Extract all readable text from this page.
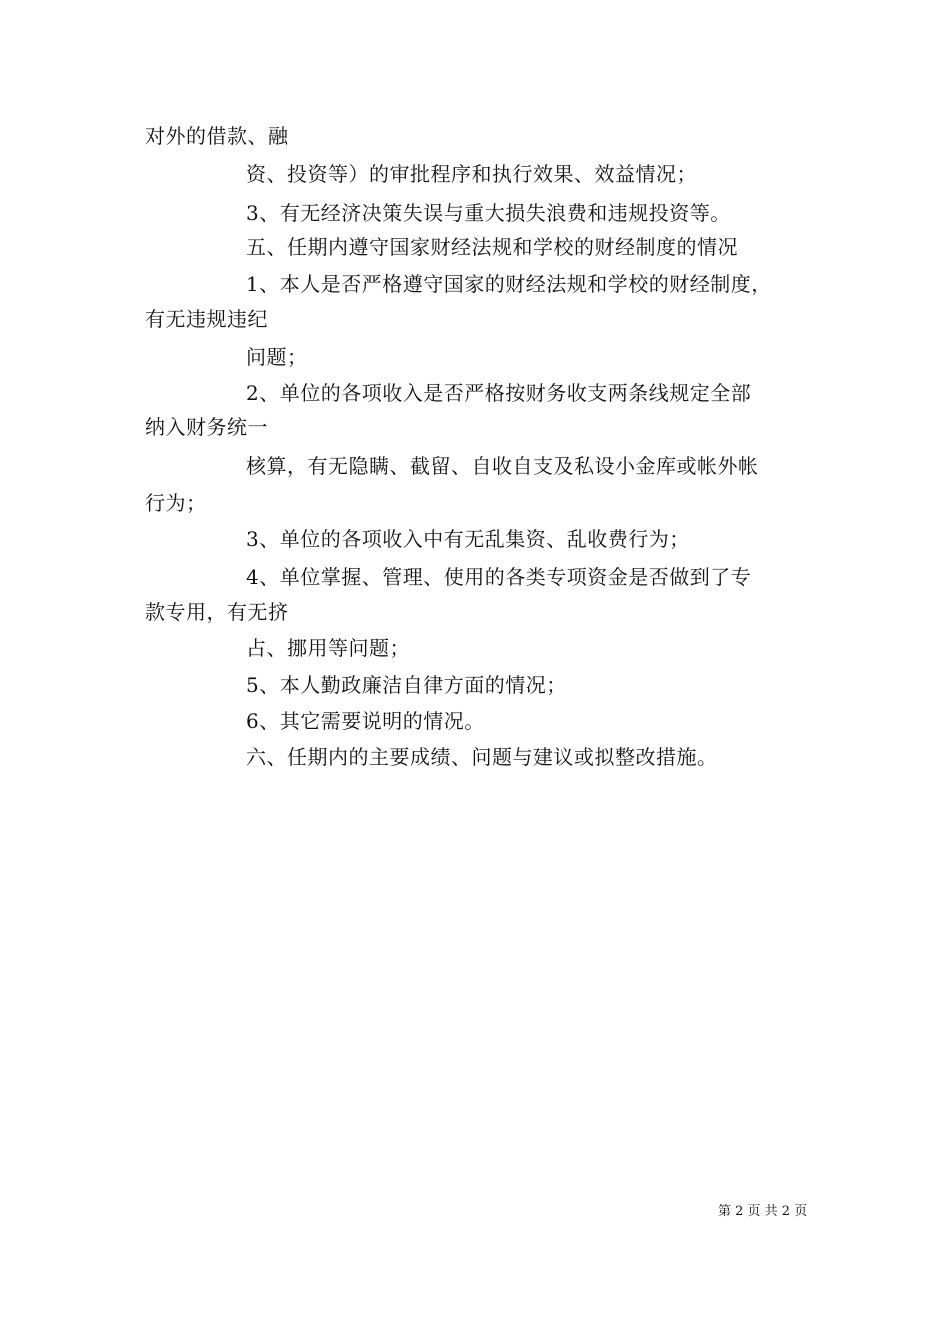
对外的借款、融
资、投资等）的审批程序和执行效果、效益情况；
3、有无经济决策失误与重大损失浪费和违规投资等。
五、任期内遵守国家财经法规和学校的财经制度的情况
1、本人是否严格遵守国家的财经法规和学校的财经制度，
有无违规违纪
问题；
2、单位的各项收入是否严格按财务收支两条线规定全部
纳入财务统一
核算，有无隐瞒、截留、自收自支及私设小金库或帐外帐
行为；
3、单位的各项收入中有无乱集资、乱收费行为；
4、单位掌握、管理、使用的各类专项资金是否做到了专
款专用，有无挤
占、挪用等问题；
5、本人勤政廉洁自律方面的情况；
6、其它需要说明的情况。
六、任期内的主要成绩、问题与建议或拟整改措施。
第 2 页 共 2 页
